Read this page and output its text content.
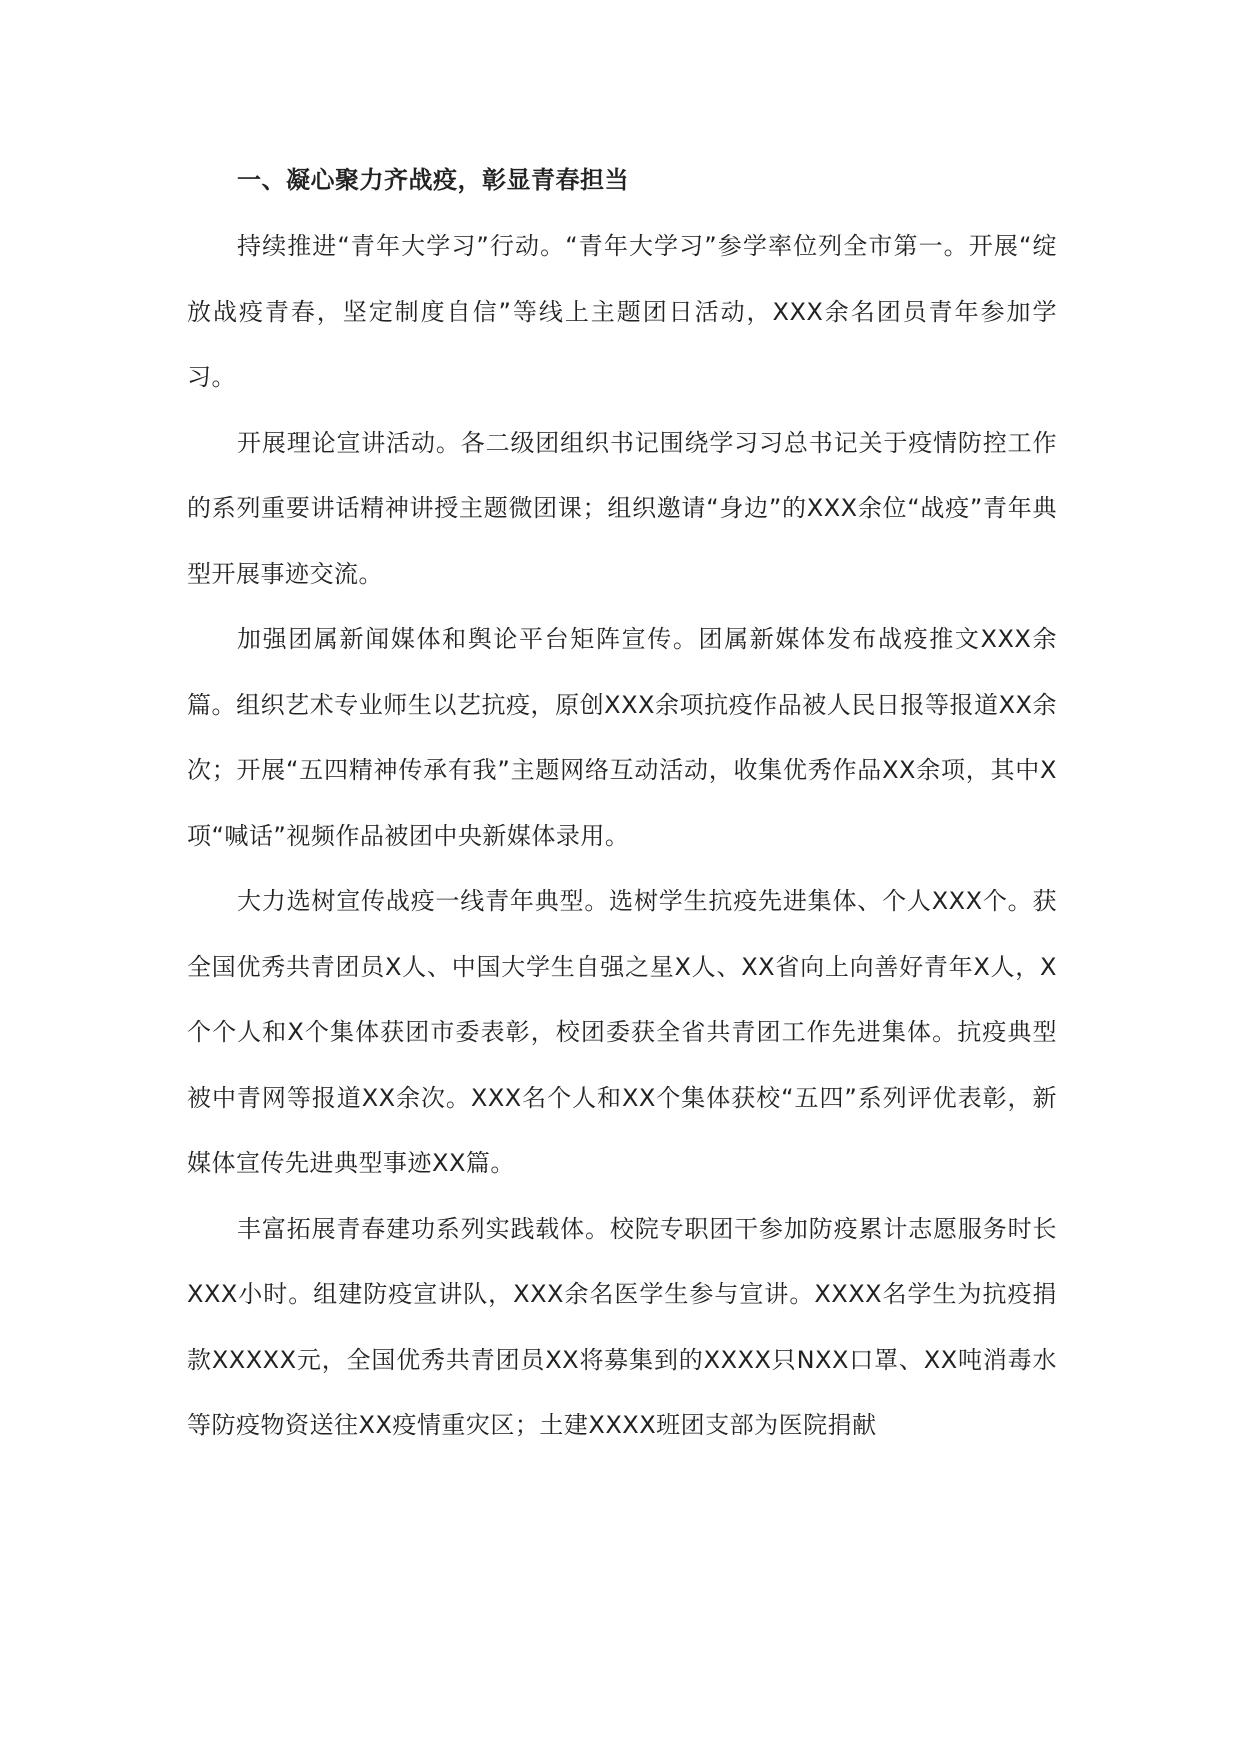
一、凝心聚力齐战疫，彰显青春担当

持续推进“青年大学习”行动。“青年大学习”参学率位列全市第一。开展“绽放战疫青春，坚定制度自信”等线上主题团日活动，XXX余名团员青年参加学习。

开展理论宣讲活动。各二级团组织书记围绕学习习总书记关于疫情防控工作的系列重要讲话精神讲授主题微团课；组织邀请“身边”的XXX余位“战疫”青年典型开展事迹交流。

加强团属新闻媒体和舆论平台矩阵宣传。团属新媒体发布战疫推文XXX余篇。组织艺术专业师生以艺抗疫，原创XXX余项抗疫作品被人民日报等报道XX余次；开展“五四精神传承有我”主题网络互动活动，收集优秀作品XX余项，其中X项“喊话”视频作品被团中央新媒体录用。

大力选树宣传战疫一线青年典型。选树学生抗疫先进集体、个人XXX个。获全国优秀共青团员X人、中国大学生自强之星X人、XX省向上向善好青年X人，X个个人和X个集体获团市委表彰，校团委获全省共青团工作先进集体。抗疫典型被中青网等报道XX余次。XXX名个人和XX个集体获校“五四”系列评优表彰，新媒体宣传先进典型事迹XX篇。

丰富拓展青春建功系列实践载体。校院专职团干参加防疫累计志愿服务时长XXX小时。组建防疫宣讲队，XXX余名医学生参与宣讲。XXXX名学生为抗疫捐款XXXXX元，全国优秀共青团员XX将募集到的XXXX只NXX口罩、XX吨消毒水等防疫物资送往XX疫情重灾区；土建XXXX班团支部为医院捐献
